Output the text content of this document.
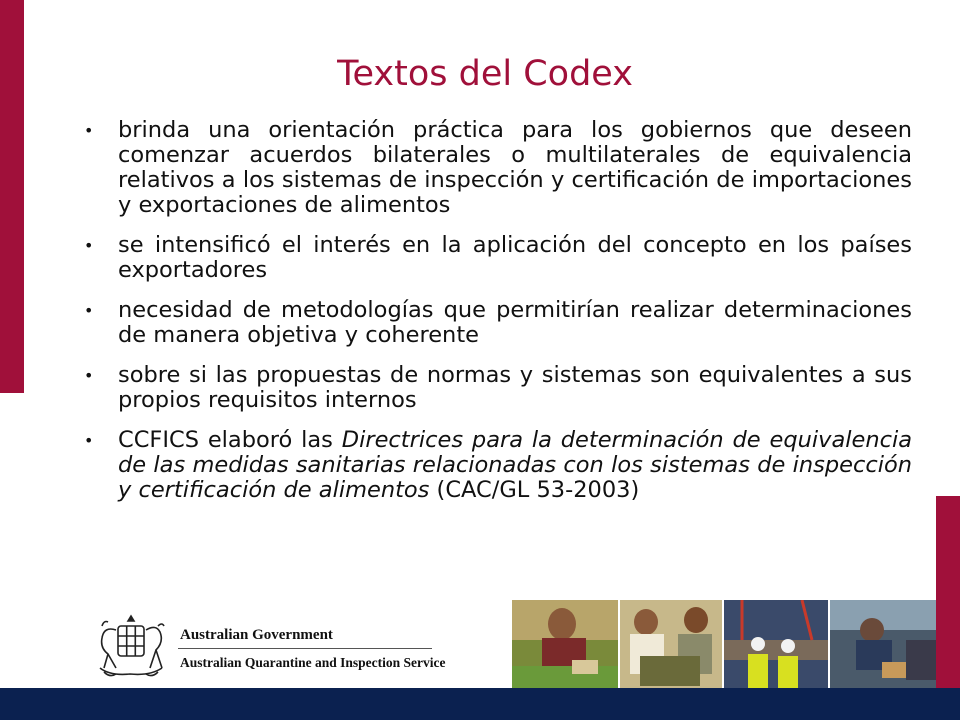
Textos del Codex
• brinda una orientación práctica para los gobiernos que deseen comenzar acuerdos bilaterales o multilaterales de equivalencia relativos a los sistemas de inspección y certificación de importaciones y exportaciones de alimentos
• se intensificó el interés en la aplicación del concepto en los países exportadores
• necesidad de metodologías que permitirían realizar determinaciones de manera objetiva y coherente
• sobre si las propuestas de normas y sistemas son equivalentes a sus propios requisitos internos
• CCFICS elaboró las Directrices para la determinación de equivalencia de las medidas sanitarias relacionadas con los sistemas de inspección y certificación de alimentos (CAC/GL 53-2003)
Australian Government
Australian Quarantine and Inspection Service
